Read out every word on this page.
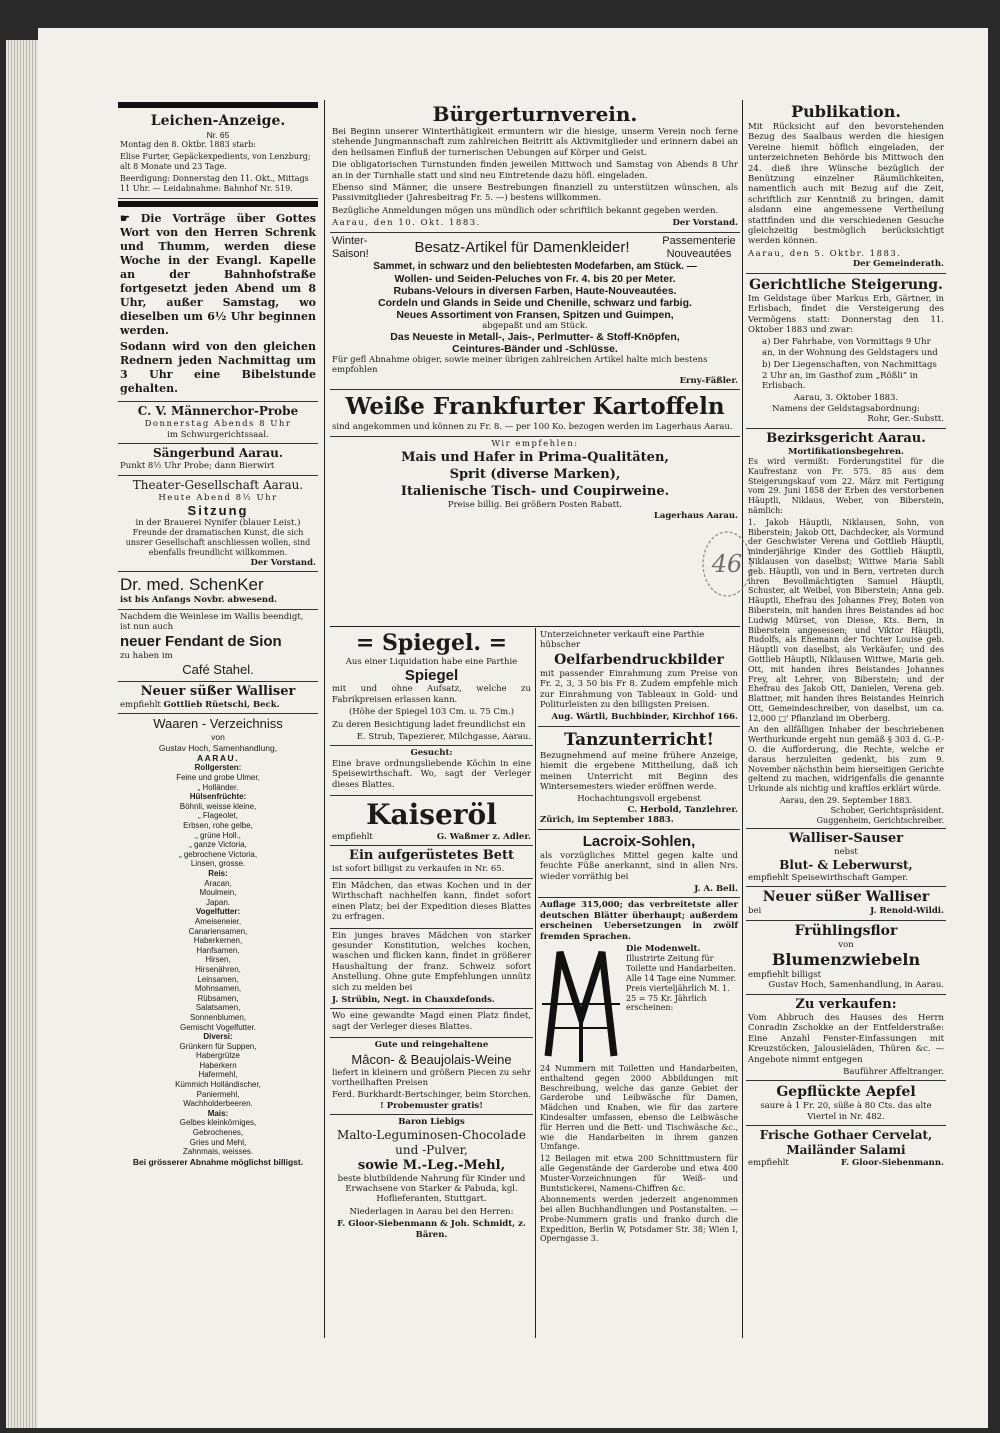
Leichen-Anzeige.
Nr. 65

Montag den 8. Oktbr. 1883 starb:

Elise Furter, Gepäckexpedients, von Lenzburg; alt 8 Monate und 23 Tage.

Beerdigung: Donnerstag den 11. Okt., Mittags 11 Uhr. — Leidabnahme: Bahnhof Nr. 519.

☛ Die Vorträge über Gottes Wort von den Herren Schrenk und Thumm, werden diese Woche in der Evangl. Kapelle an der Bahnhofstraße fortgesetzt jeden Abend um 8 Uhr, außer Samstag, wo dieselben um 6½ Uhr beginnen werden.

Sodann wird von den gleichen Rednern jeden Nachmittag um 3 Uhr eine Bibelstunde gehalten.

C. V. Männerchor-Probe
Donnerstag Abends 8 Uhr
im Schwurgerichtssaal.
Sängerbund Aarau.
Punkt 8½ Uhr Probe; dann Bierwirt
Theater-Gesellschaft Aarau.
Heute Abend 8½ Uhr
Sitzung
in der Brauerei Nynifer (blauer Leist.)
Freunde der dramatischen Kunst, die sich unsrer Gesellschaft anschliessen wollen, sind ebenfalls freundlicht willkommen.
Der Vorstand.
Dr. med. SchenKer
ist bis Anfangs Novbr. abwesend.
Nachdem die Weinlese im Wallis beendigt, ist nun auch
neuer Fendant de Sion
zu haben im
Café Stahel.
Neuer süßer Walliser
empfiehlt Gottlieb Rüetschi, Beck.
Waaren - Verzeichniss
von
Gustav Hoch, Samenhandlung,
AARAU.
Rollgersten:
Feine und grobe Ulmer,
„ Holländer.
Hülsenfrüchte:
Böhnli, weisse kleine,
„ Flageolet,
Erbsen, rohe gelbe,
„ grüne Holl.,
„ ganze Victoria,
„ gebrochene Victoria,
Linsen, grosse.
Reis:
Aracan,
Moulmein,
Japan.
Vogelfutter:
Ameiseneier,
Canariensamen,
Haberkernen,
Hanfsamen,
Hirsen,
Hirsenähren,
Leinsamen,
Mohnsamen,
Rübsamen,
Salatsamen,
Sonnenblumen,
Gemischt Vogelfutter.
Diversi:
Grünkern für Suppen,
Habergrütze
Haberkern
Hafermehl,
Kümmich Holländischer,
Paniermehl,
Wachholderbeeren.
Mais:
Gelbes kleinkörniges,
Gebrochenes,
Gries und Mehl,
Zahnmais, weisses.
Bei grösserer Abnahme möglichst billigst.
Bürgerturnverein.

Bei Beginn unserer Winterthätigkeit ermuntern wir die hiesige, unserm Verein noch ferne stehende Jungmannschaft zum zahlreichen Beitritt als Aktivmitglieder und erinnern dabei an den heilsamen Einfluß der turnerischen Uebungen auf Körper und Geist.

Die obligatorischen Turnstunden finden jeweilen Mittwoch und Samstag von Abends 8 Uhr an in der Turnhalle statt und sind neu Eintretende dazu höfl. eingeladen.

Ebenso sind Männer, die unsere Bestrebungen finanziell zu unterstützen wünschen, als Passivmitglieder (Jahresbeitrag Fr. 5. —) bestens willkommen.

Bezügliche Anmeldungen mögen uns mündlich oder schriftlich bekannt gegeben werden.

Aarau, den 10. Okt. 1883.	Der Vorstand.
Winter-Saison!	Besatz-Artikel für Damenkleider!	Passementerie Nouveautées
Sammet, in schwarz und den beliebtesten Modefarben, am Stück. —
Wollen- und Seiden-Peluches von Fr. 4. bis 20 per Meter.
Rubans-Velours in diversen Farben, Haute-Nouveautées.
Cordeln und Glands in Seide und Chenille, schwarz und farbig.
Neues Assortiment von Fransen, Spitzen und Guimpen,
abgepaßt und am Stück.
Das Neueste in Metall-, Jais-, Perlmutter- & Stoff-Knöpfen,
Ceintures-Bänder und -Schlüsse.
Für gefl Abnahme obiger, sowie meiner übrigen zahlreichen Artikel halte mich bestens empfohlen
Erny-Fäßler.
Weiße Frankfurter Kartoffeln
sind angekommen und können zu Fr. 8. — per 100 Ko. bezogen werden im Lagerhaus Aarau.
Wir empfehlen:
Mais und Hafer in Prima-Qualitäten,
Sprit (diverse Marken),
Italienische Tisch- und Coupirweine.
Preise billig. Bei größern Posten Rabatt.
Lagerhaus Aarau.
46
= Spiegel. =
Aus einer Liquidation habe eine Parthie
Spiegel

mit und ohne Aufsatz, welche zu Fabrikpreisen erlassen kann.

(Höhe der Spiegel 103 Cm. u. 75 Cm.)

Zu deren Besichtigung ladet freundlichst ein

E. Strub, Tapezierer, Milchgasse, Aarau.
Gesucht:

Eine brave ordnungsliebende Köchin in eine Speisewirthschaft. Wo, sagt der Verleger dieses Blattes.

Kaiseröl
empfiehlt	G. Waßmer z. Adler.
Ein aufgerüstetes Bett
ist sofort billigst zu verkaufen in Nr. 65.

Ein Mädchen, das etwas Kochen und in der Wirthschaft nachhelfen kann, findet sofort einen Platz; bei der Expedition dieses Blattes zu erfragen.

Ein junges braves Mädchen von starker gesunder Konstitution, welches kochen, waschen und flicken kann, findet in größerer Haushaltung der franz. Schweiz sofort Anstellung. Ohne gute Empfehlungen unnütz sich zu melden bei

J. Strübin, Negt. in Chauxdefonds.

Wo eine gewandte Magd einen Platz findet, sagt der Verleger dieses Blattes.

Gute und reingehaltene
Mâcon- & Beaujolais-Weine

liefert in kleinern und größern Piecen zu sehr vortheilhaften Preisen

Ferd. Burkhardt-Bertschinger, beim Storchen.
! Probemuster gratis!
Baron Liebigs
Malto-Leguminosen-Chocolade und -Pulver,
sowie M.-Leg.-Mehl,

beste blutbildende Nahrung für Kinder und Erwachsene von Starker & Pabuda, kgl. Hoflieferanten, Stuttgart.

Niederlagen in Aarau bei den Herren:

F. Gloor-Siebenmann & Joh. Schmidt, z. Bären.
Unterzeichneter verkauft eine Parthie hübscher
Oelfarbendruckbilder

mit passender Einrahmung zum Preise von Fr. 2, 3, 3 50 bis Fr 8. Zudem empfehle mich zur Einrahmung von Tableaux in Gold- und Politurleisten zu den billigsten Preisen.

Aug. Wärtli, Buchbinder, Kirchhof 166.
Tanzunterricht!

Bezugnehmend auf meine frühere Anzeige, hiemit die ergebene Mittheilung, daß ich meinen Unterricht mit Beginn des Wintersemesters wieder eröffnen werde.

Hochachtungsvoll ergebenst
C. Herbold, Tanzlehrer.
Zürich, im September 1883.
Lacroix-Sohlen,

als vorzügliches Mittel gegen kalte und feuchte Füße anerkannt, sind in allen Nrs. wieder vorräthig bei

J. A. Bell.

Auflage 315,000; das verbreitetste aller deutschen Blätter überhaupt; außerdem erscheinen Uebersetzungen in zwölf fremden Sprachen.

Die Modenwelt.

Illustrirte Zeitung für Toilette und Handarbeiten. Alle 14 Tage eine Nummer. Preis vierteljährlich M. 1. 25 = 75 Kr. Jährlich erscheinen:

24 Nummern mit Toiletten und Handarbeiten, enthaltend gegen 2000 Abbildungen mit Beschreibung, welche das ganze Gebiet der Garderobe und Leibwäsche für Damen, Mädchen und Knaben, wie für das zartere Kindesalter umfassen, ebenso die Leibwäsche für Herren und die Bett- und Tischwäsche &c., wie die Handarbeiten in ihrem ganzen Umfange.

12 Beilagen mit etwa 200 Schnittmustern für alle Gegenstände der Garderobe und etwa 400 Muster-Vorzeichnungen für Weiß- und Buntstickerei, Namens-Chiffren &c.

Abonnements werden jederzeit angenommen bei allen Buchhandlungen und Postanstalten. — Probe-Nummern gratis und franko durch die Expedition, Berlin W, Potsdamer Str. 38; Wien I, Operngasse 3.

Publikation.

Mit Rücksicht auf den bevorstehenden Bezug des Saalbaus werden die hiesigen Vereine hiemit höflich eingeladen, der unterzeichneten Behörde bis Mittwoch den 24. dieß ihre Wünsche bezüglich der Benützung einzelner Räumlichkeiten, namentlich auch mit Bezug auf die Zeit, schriftlich zur Kenntniß zu bringen, damit alsdann eine angemessene Vertheilung stattfinden und die verschiedenen Gesuche gleichzeitig bestmöglich berücksichtigt werden können.

Aarau, den 5. Oktbr. 1883.
Der Gemeinderath.
Gerichtliche Steigerung.

Im Geldstage über Markus Erb, Gärtner, in Erlisbach, findet die Versteigerung des Vermögens statt: Donnerstag den 11. Oktober 1883 und zwar:

a) Der Fahrhabe, von Vormittags 9 Uhr an, in der Wohnung des Geldstagers und

b) Der Liegenschaften, von Nachmittags 2 Uhr an, im Gasthof zum „Rößli“ in Erlisbach.

Aarau, 3. Oktober 1883.
Namens der Geldstagsabordnung:
Rohr, Ger.-Substt.
Bezirksgericht Aarau.
Mortifikationsbegehren.

Es wird vermißt: Forderungstitel für die Kaufrestanz von Fr. 575. 85 aus dem Steigerungskauf vom 22. März mit Fertigung vom 29. Juni 1858 der Erben des verstorbenen Häuptli, Niklaus, Weber, von Biberstein, nämlich:

1. Jakob Häuptli, Niklausen, Sohn, von Biberstein; Jakob Ott, Dachdecker, als Vormund der Geschwister Verena und Gottlieb Häuptli, minderjährige Kinder des Gottlieb Häuptli, Niklausen von daselbst; Wittwe Maria Sabli geb. Häuptli, von und in Bern, vertreten durch ihren Bevollmächtigten Samuel Häuptli, Schuster, alt Weibel, von Biberstein; Anna geb. Häuptli, Ehefrau des Johannes Frey, Boten von Biberstein, mit handen ihres Beistandes ad hoc Ludwig Mürset, von Diesse, Kts. Bern, in Biberstein angesessen; und Viktor Häuptli, Rudolfs, als Ehemann der Tochter Louise geb. Häuptli von daselbst, als Verkäufer; und des Gottlieb Häuptli, Niklausen Wittwe, Maria geb. Ott, mit handen ihres Beistandes Johannes Frey, alt Lehrer, von Biberstein; und der Ehefrau des Jakob Ott, Danielen, Verena geb. Blattner, mit handen ihres Beistandes Heinrich Ott, Gemeindeschreiber, von daselbst, um ca. 12,000 □' Pflanzland im Oberberg.

An den allfälligen Inhaber der beschriebenen Werthurkunde ergeht nun gemäß § 303 d. G.-P.-O. die Aufforderung, die Rechte, welche er daraus herzuleiten gedenkt, bis zum 9. November nächsthin beim hierseitigen Gerichte geltend zu machen, widrigenfalls die genannte Urkunde als nichtig und kraftlos erklärt würde.

Aarau, den 29. September 1883.
Schober, Gerichtspräsident.
Guggenheim, Gerichtschreiber.
Walliser-Sauser
nebst
Blut- & Leberwurst,
empfiehlt Speisewirthschaft Gamper.
Neuer süßer Walliser
bei	J. Renold-Wildi.
Frühlingsflor
von
Blumenzwiebeln
empfiehlt billigst
Gustav Hoch, Samenhandlung, in Aarau.
Zu verkaufen:

Vom Abbruch des Hauses des Herrn Conradin Zschokke an der Entfelderstraße: Eine Anzahl Fenster-Einfassungen mit Kreuzstöcken, Jalousieläden, Thüren &c. — Angebote nimmt entgegen

Bauführer Affeltranger.
Gepflückte Aepfel
saure à 1 Fr. 20, süße à 80 Cts. das alte Viertel in Nr. 482.
Frische Gothaer Cervelat,
Mailänder Salami
empfiehlt	F. Gloor-Siebenmann.
